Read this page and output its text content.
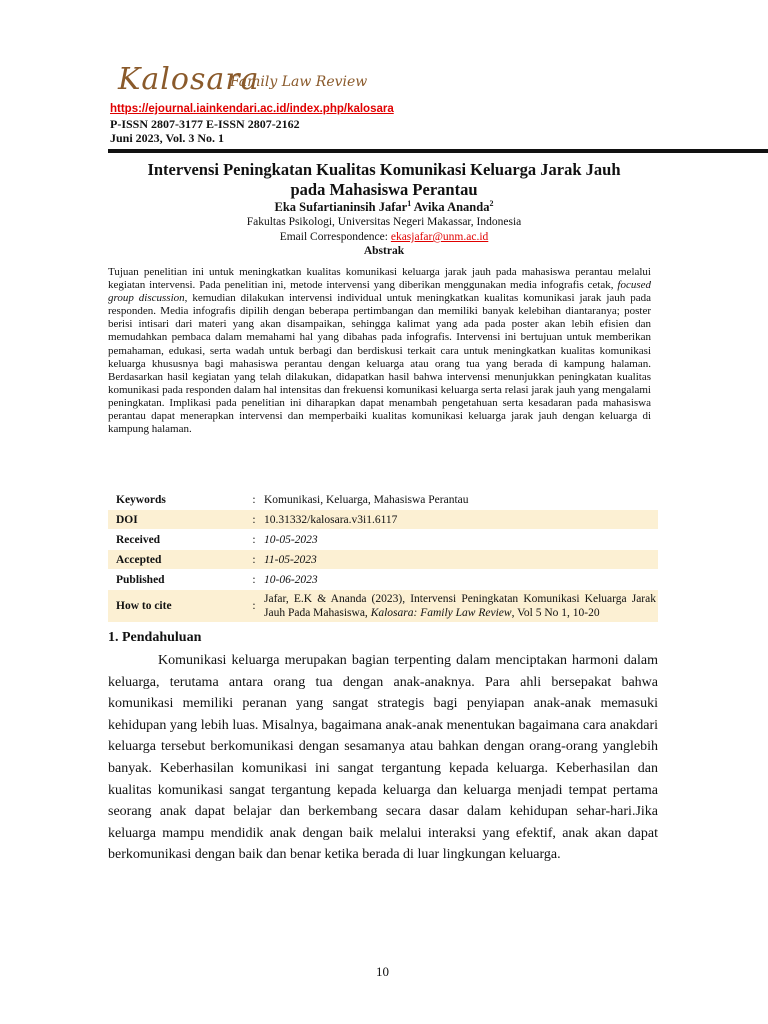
Kalosara
Family Law Review
https://ejournal.iainkendari.ac.id/index.php/kalosara
P-ISSN 2807-3177 E-ISSN 2807-2162
Juni 2023, Vol. 3 No. 1
Intervensi Peningkatan Kualitas Komunikasi Keluarga Jarak Jauh
pada Mahasiswa Perantau
Eka Sufartianinsih Jafar$^1$ Avika Ananda$^2$
Fakultas Psikologi, Universitas Negeri Makassar, Indonesia
Email Correspondence: ekasjafar@unm.ac.id
Abstrak
Tujuan penelitian ini untuk meningkatkan kualitas komunikasi keluarga jarak jauh pada mahasiswa perantau melalui kegiatan intervensi. Pada penelitian ini, metode intervensi yang diberikan menggunakan media infografis cetak, focused group discussion, kemudian dilakukan intervensi individual untuk meningkatkan kualitas komunikasi jarak jauh pada responden. Media infografis dipilih dengan beberapa pertimbangan dan memiliki banyak kelebihan diantaranya; poster berisi intisari dari materi yang akan disampaikan, sehingga kalimat yang ada pada poster akan lebih efisien dan memudahkan pembaca dalam memahami hal yang dibahas pada infografis. Intervensi ini bertujuan untuk memberikan pemahaman, edukasi, serta wadah untuk berbagi dan berdiskusi terkait cara untuk meningkatkan kualitas komunikasi keluarga khususnya bagi mahasiswa perantau dengan keluarga atau orang tua yang berada di kampung halaman. Berdasarkan hasil kegiatan yang telah dilakukan, didapatkan hasil bahwa intervensi menunjukkan peningkatan kualitas komunikasi pada responden dalam hal intensitas dan frekuensi komunikasi keluarga serta relasi jarak jauh yang mengalami peningkatan. Implikasi pada penelitian ini diharapkan dapat menambah pengetahuan serta kesadaran pada mahasiswa perantau dapat menerapkan intervensi dan memperbaiki kualitas komunikasi keluarga jarak jauh dengan keluarga di kampung halaman.
Keywords	:	Komunikasi, Keluarga, Mahasiswa Perantau
DOI	:	10.31332/kalosara.v3i1.6117
Received	:	10-05-2023
Accepted	:	11-05-2023
Published	:	10-06-2023
How to cite	:	Jafar, E.K & Ananda (2023), Intervensi Peningkatan Komunikasi Keluarga Jarak Jauh Pada Mahasiswa, Kalosara: Family Law Review, Vol 5 No 1, 10-20
1. Pendahuluan
Komunikasi keluarga merupakan bagian terpenting dalam menciptakan harmoni dalam keluarga, terutama antara orang tua dengan anak-anaknya. Para ahli bersepakat bahwa komunikasi memiliki peranan yang sangat strategis bagi penyiapan anak-anak memasuki kehidupan yang lebih luas. Misalnya, bagaimana anak-anak menentukan bagaimana cara anakdari keluarga tersebut berkomunikasi dengan sesamanya atau bahkan dengan orang-orang yanglebih banyak. Keberhasilan komunikasi ini sangat tergantung kepada keluarga. Keberhasilan dan kualitas komunikasi sangat tergantung kepada keluarga dan keluarga menjadi tempat pertama seorang anak dapat belajar dan berkembang secara dasar dalam kehidupan sehar-hari.Jika keluarga mampu mendidik anak dengan baik melalui interaksi yang efektif, anak akan dapat berkomunikasi dengan baik dan benar ketika berada di luar lingkungan keluarga.
10
